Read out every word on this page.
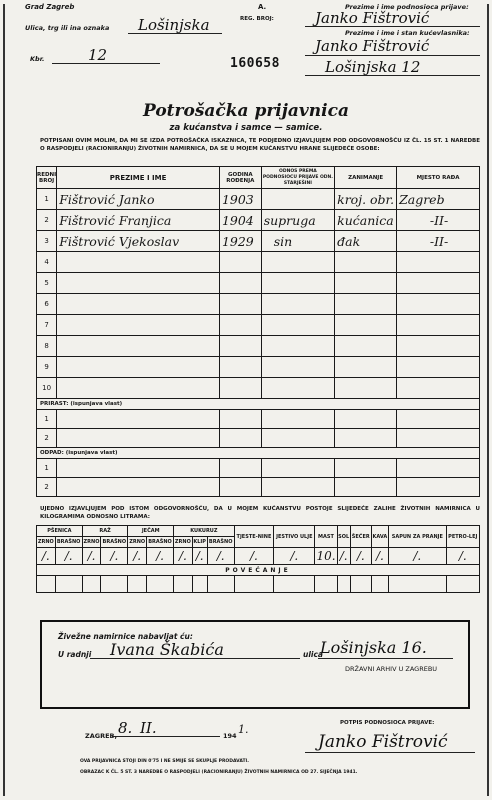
Grad Zagreb	A.	Prezime i ime podnosioca prijave:
Janko Fištrović
Ulica, trg ili ina oznaka Lošinjska	REG. BROJ:
Prezime i ime i stan kućevlasnika:
Kbr.	12	160658
Janko Fištrović
Lošinjska 12
Potrošačka prijavnica
za kućanstva i samce — samice.
POTPISANI OVIM MOLIM, DA MI SE IZDA POTROŠAČKA ISKAZNICA, TE PODJEDNO IZJAVLJUJEM POD ODGOVORNOŠĆU IZ ČL. 15 ST. 1 NAREDBE O RASPODJELI (RACIONIRANJU) ŽIVOTNIH NAMIRNICA, DA SE U MOJEM KUĆANSTVU HRANE SLIJEDEĆE OSOBE:
REDNI BROJ	PREZIME I IME	GODINA ROĐENJA	ODNOS PREMA PODNOSIOCU PRIJAVE ODN. STARJEŠINI	ZANIMANJE	MJESTO RAĐA
1	Fištrović Janko	1903		kroj. obr.	Zagreb
2	Fištrović Franjica	1904	supruga	kućanica	-II-
3	Fištrović Vjekoslav	1929	sin	đak	-II-
4					
5					
6					
7					
8					
9					
10					
PRIRAST: (ispunjava vlast)					
1					
2					
ODPAD: (ispunjava vlast)					
1					
2					
UJEDNO IZJAVLJUJEM POD ISTOM ODGOVORNOŠĆU, DA U MOJEM KUĆANSTVU POSTOJE SLIJEDEĆE ZALIHE ŽIVOTNIH NAMIRNICA U KILOGRAMIMA ODNOSNO LITRAMA:
PŠENICA		RAŽ		JEČAM		KUKURUZ			TJESTE-NINE	JESTIVO ULJE	MAST	SOL	ŠEĆER	KAVA	SAPUN ZA PRANJE	PETRO-LEJ
ZRNO	BRAŠNO	ZRNO	BRAŠNO	ZRNO	BRAŠNO	ZRNO	KLIP	BRAŠNO								
/.	/.	/.	/.	/.	/.	/.	/.	/.	/.	/.	10.	/.	/.	/.	/.	/.
POVEĆANJE																

Živežne namirnice nabavljat ću:
U radnji Ivana Škabića	ulica
Lošinjska 16.
DRŽAVNI ARHIV U ZAGREBU
ZAGREB, 8. II.	194 1.	POTPIS PODNOSIOCA PRIJAVE:
Janko Fištrović
OVA PRIJAVNICA STOJI DIN 0'75 I NE SMIJE SE SKUPLJE PRODAVATI.
OBRAZAC K ČL. 5 ST. 3 NAREDBE O RASPODJELI (RACIONIRANJU) ŽIVOTNIH NAMIRNICA OD 27. SIJEČNJA 1941.
